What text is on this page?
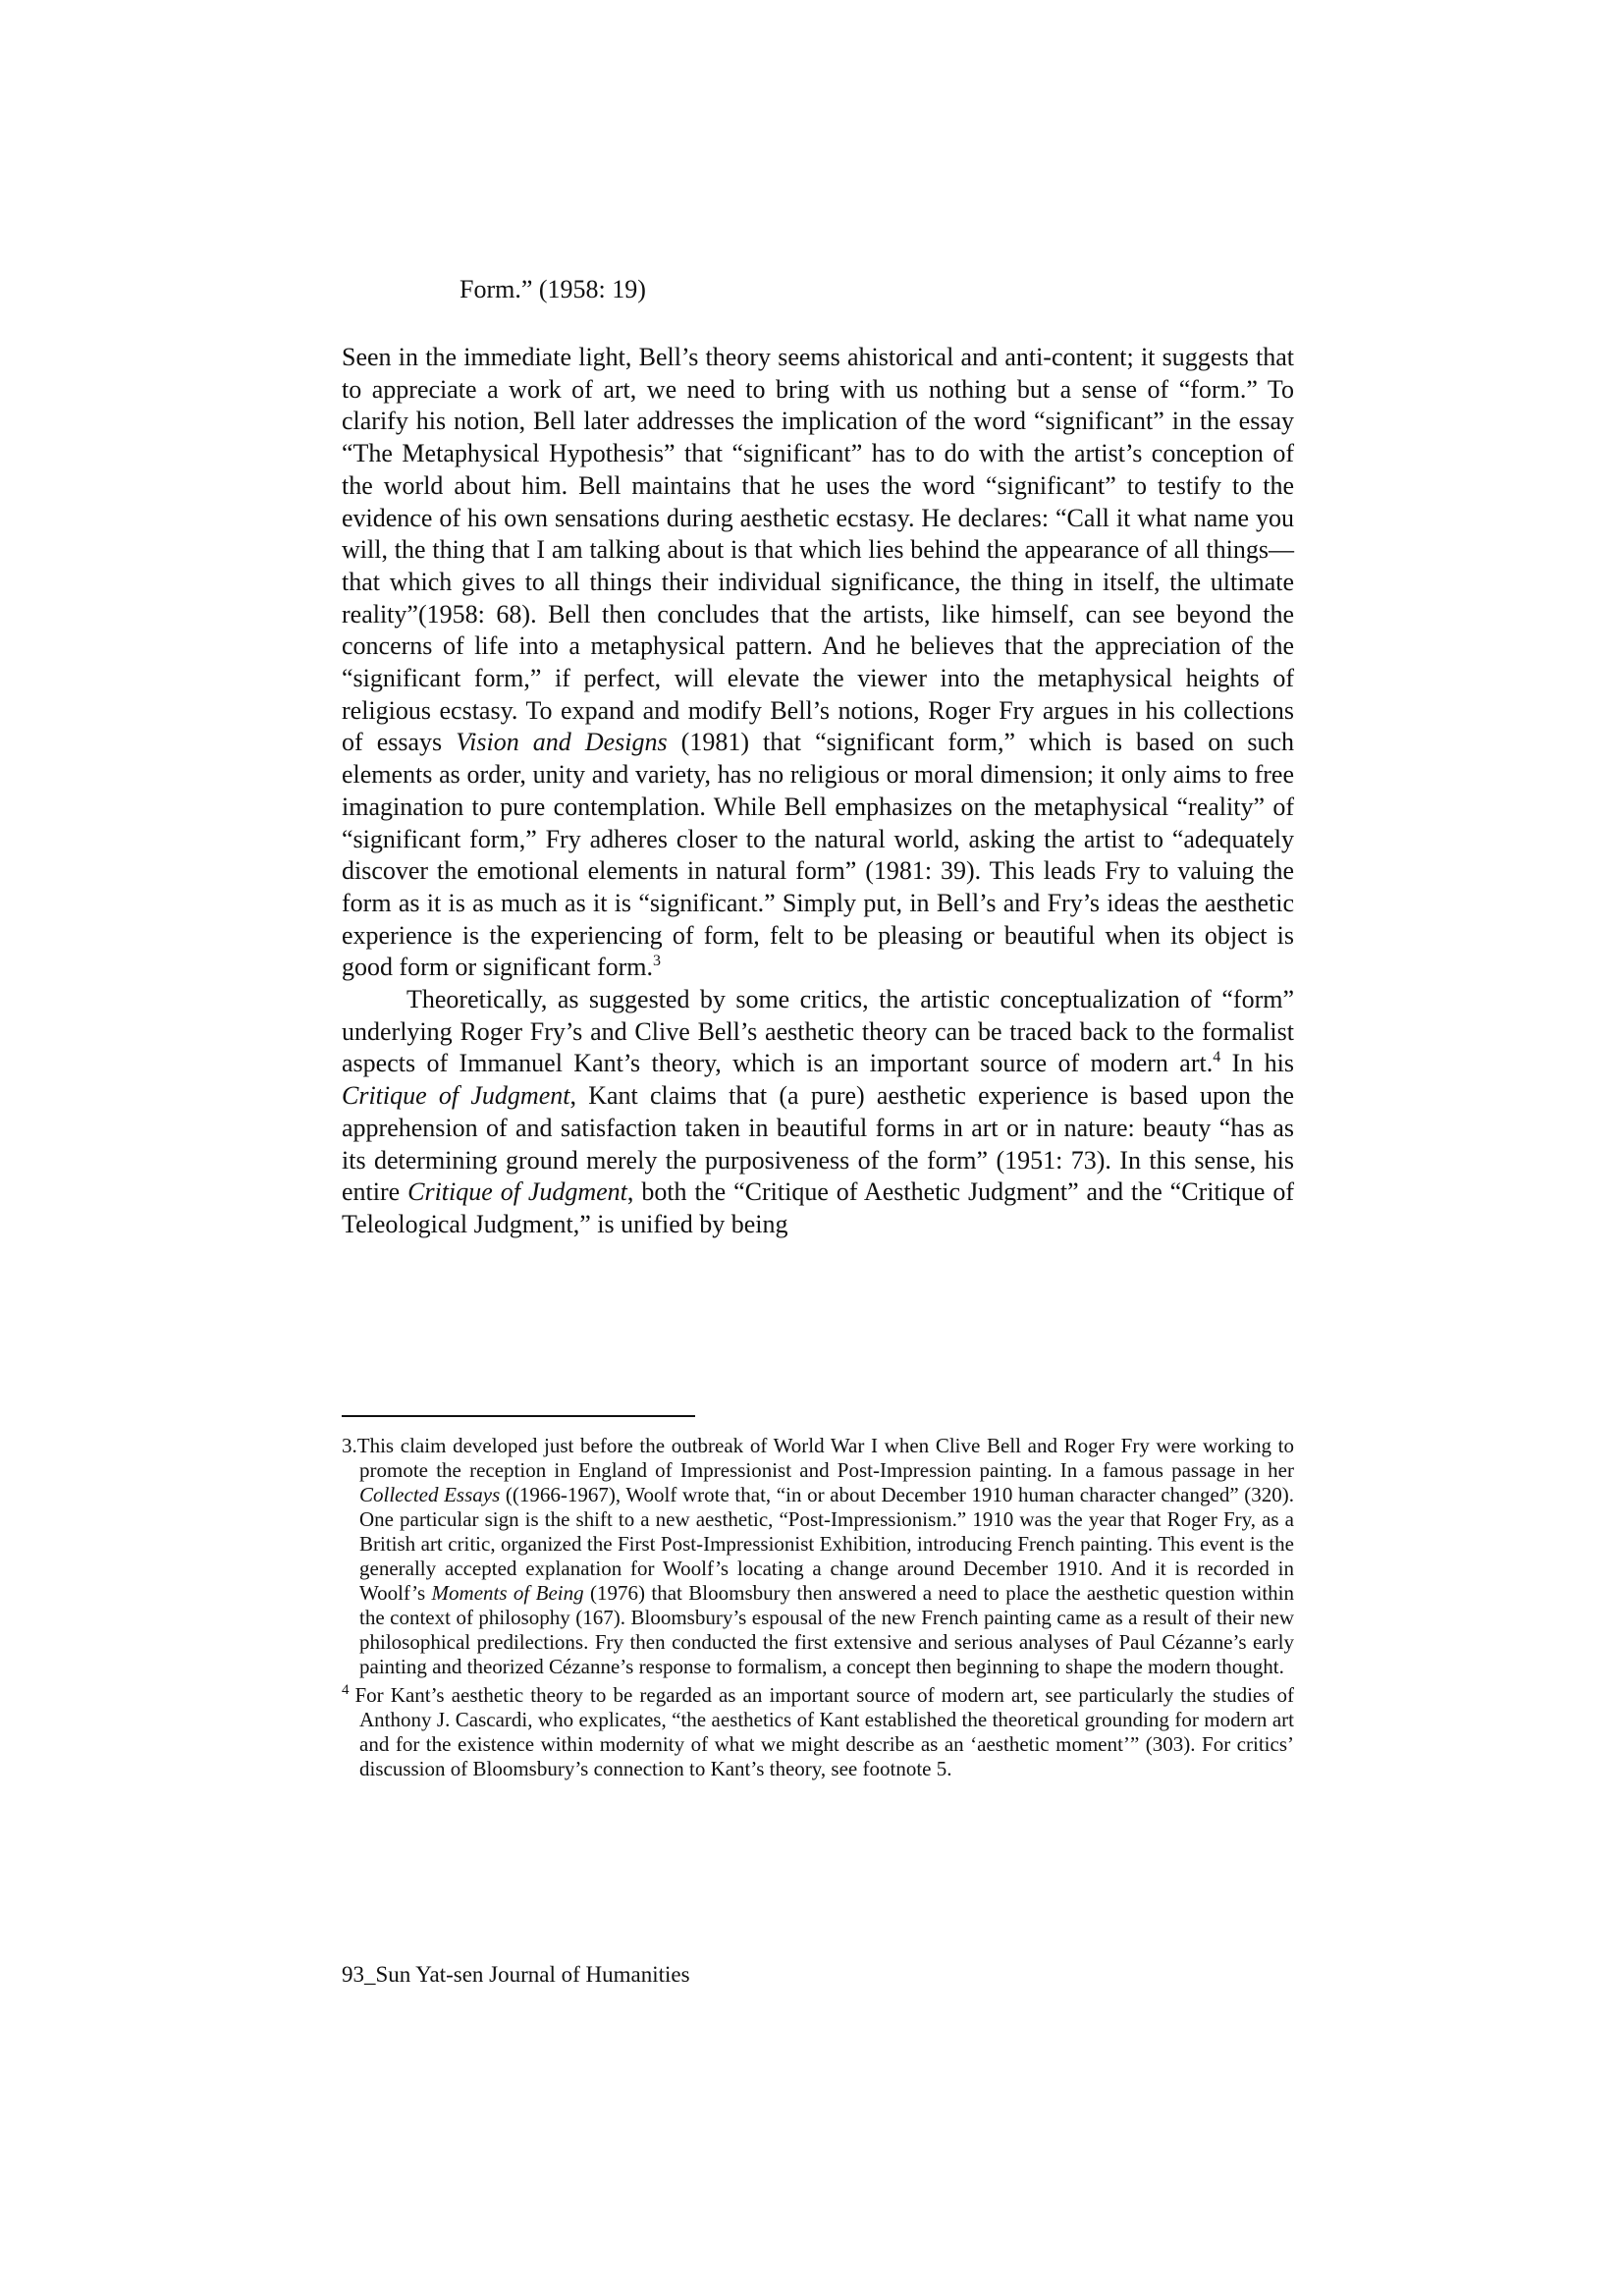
Form.” (1958: 19)

Seen in the immediate light, Bell’s theory seems ahistorical and anti-content; it suggests that to appreciate a work of art, we need to bring with us nothing but a sense of “form.” To clarify his notion, Bell later addresses the implication of the word “significant” in the essay “The Metaphysical Hypothesis” that “significant” has to do with the artist’s conception of the world about him. Bell maintains that he uses the word “significant” to testify to the evidence of his own sensations during aesthetic ecstasy. He declares: “Call it what name you will, the thing that I am talking about is that which lies behind the appearance of all things—that which gives to all things their individual significance, the thing in itself, the ultimate reality”(1958: 68). Bell then concludes that the artists, like himself, can see beyond the concerns of life into a metaphysical pattern. And he believes that the appreciation of the “significant form,” if perfect, will elevate the viewer into the metaphysical heights of religious ecstasy. To expand and modify Bell’s notions, Roger Fry argues in his collections of essays Vision and Designs (1981) that “significant form,” which is based on such elements as order, unity and variety, has no religious or moral dimension; it only aims to free imagination to pure contemplation. While Bell emphasizes on the metaphysical “reality” of “significant form,” Fry adheres closer to the natural world, asking the artist to “adequately discover the emotional elements in natural form” (1981: 39). This leads Fry to valuing the form as it is as much as it is “significant.” Simply put, in Bell’s and Fry’s ideas the aesthetic experience is the experiencing of form, felt to be pleasing or beautiful when its object is good form or significant form.$^3$

Theoretically, as suggested by some critics, the artistic conceptualization of “form” underlying Roger Fry’s and Clive Bell’s aesthetic theory can be traced back to the formalist aspects of Immanuel Kant’s theory, which is an important source of modern art.$^4$ In his Critique of Judgment, Kant claims that (a pure) aesthetic experience is based upon the apprehension of and satisfaction taken in beautiful forms in art or in nature: beauty “has as its determining ground merely the purposiveness of the form” (1951: 73). In this sense, his entire Critique of Judgment, both the “Critique of Aesthetic Judgment” and the “Critique of Teleological Judgment,” is unified by being

3.This claim developed just before the outbreak of World War I when Clive Bell and Roger Fry were working to promote the reception in England of Impressionist and Post-Impression painting. In a famous passage in her Collected Essays ((1966-1967), Woolf wrote that, “in or about December 1910 human character changed” (320). One particular sign is the shift to a new aesthetic, “Post-Impressionism.” 1910 was the year that Roger Fry, as a British art critic, organized the First Post-Impressionist Exhibition, introducing French painting. This event is the generally accepted explanation for Woolf’s locating a change around December 1910. And it is recorded in Woolf’s Moments of Being (1976) that Bloomsbury then answered a need to place the aesthetic question within the context of philosophy (167). Bloomsbury’s espousal of the new French painting came as a result of their new philosophical predilections. Fry then conducted the first extensive and serious analyses of Paul Cézanne’s early painting and theorized Cézanne’s response to formalism, a concept then beginning to shape the modern thought.

$^4$ For Kant’s aesthetic theory to be regarded as an important source of modern art, see particularly the studies of Anthony J. Cascardi, who explicates, “the aesthetics of Kant established the theoretical grounding for modern art and for the existence within modernity of what we might describe as an ‘aesthetic moment’” (303). For critics’ discussion of Bloomsbury’s connection to Kant’s theory, see footnote 5.

93_Sun Yat-sen Journal of Humanities
